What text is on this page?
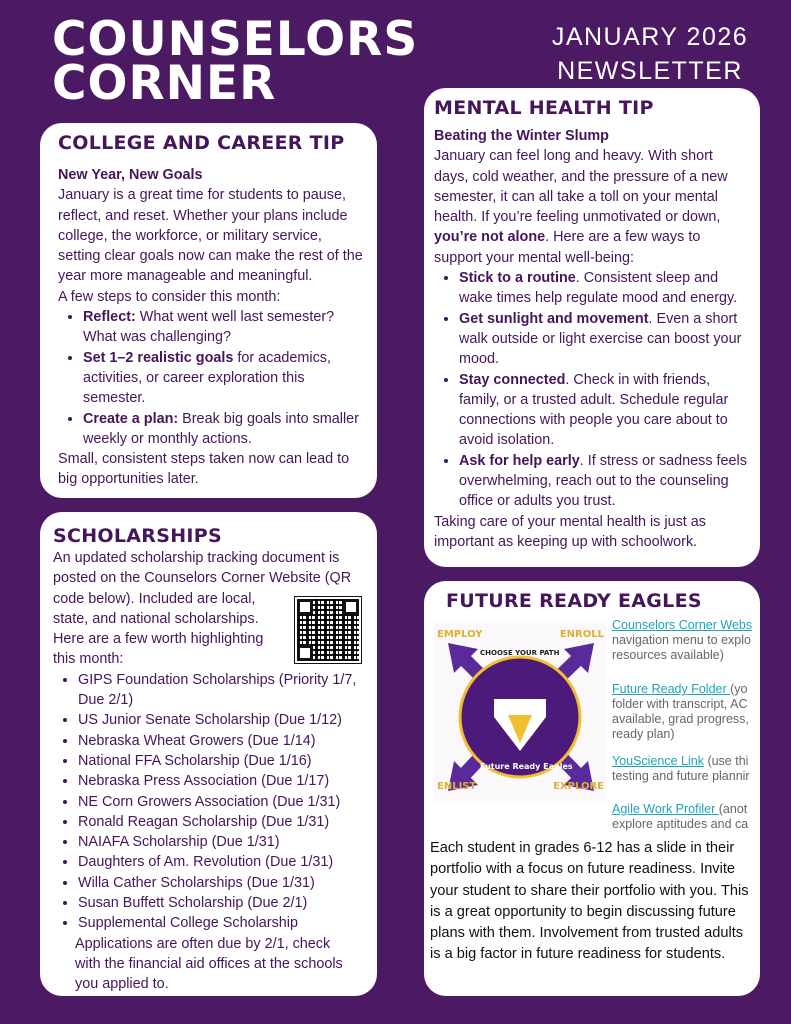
COUNSELORS
CORNER
JANUARY 2026
NEWSLETTER
COLLEGE AND CAREER TIP
New Year, New Goals

January is a great time for students to pause, reflect, and reset. Whether your plans include college, the workforce, or military service, setting clear goals now can make the rest of the year more manageable and meaningful.

A few steps to consider this month:

• Reflect: What went well last semester? What was challenging?
• Set 1–2 realistic goals for academics, activities, or career exploration this semester.
• Create a plan: Break big goals into smaller weekly or monthly actions.

Small, consistent steps taken now can lead to big opportunities later.

MENTAL HEALTH TIP
Beating the Winter Slump

January can feel long and heavy. With short days, cold weather, and the pressure of a new semester, it can all take a toll on your mental health. If you’re feeling unmotivated or down, you’re not alone. Here are a few ways to support your mental well-being:

• Stick to a routine. Consistent sleep and wake times help regulate mood and energy.
• Get sunlight and movement. Even a short walk outside or light exercise can boost your mood.
• Stay connected. Check in with friends, family, or a trusted adult. Schedule regular connections with people you care about to avoid isolation.
• Ask for help early. If stress or sadness feels overwhelming, reach out to the counseling office or adults you trust.

Taking care of your mental health is just as important as keeping up with schoolwork.

SCHOLARSHIPS

An updated scholarship tracking document is posted on the Counselors Corner Website (QR

code below). Included are local, state, and national scholarships. Here are a few worth highlighting this month:

• GIPS Foundation Scholarships (Priority 1/7, Due 2/1)
• US Junior Senate Scholarship (Due 1/12)
• Nebraska Wheat Growers (Due 1/14)
• National FFA Scholarship (Due 1/16)
• Nebraska Press Association (Due 1/17)
• NE Corn Growers Association (Due 1/31)
• Ronald Reagan Scholarship (Due 1/31)
• NAIAFA Scholarship (Due 1/31)
• Daughters of Am. Revolution (Due 1/31)
• Willa Cather Scholarships (Due 1/31)
• Susan Buffett Scholarship (Due 2/1)
• Supplemental College Scholarship

Applications are often due by 2/1, check with the financial aid offices at the schools you applied to.

FUTURE READY EAGLES
EMPLOY	ENROLL
ENLIST	EXPLORE
CHOOSE YOUR PATH
Future Ready Eagles
Counselors Corner Webs
navigation menu to explo resources available)
Future Ready Folder (yo folder with transcript, AC available, grad progress, ready plan)
YouScience Link (use thi testing and future plannir
Agile Work Profiler (anot explore aptitudes and ca

Each student in grades 6-12 has a slide in their portfolio with a focus on future readiness. Invite your student to share their portfolio with you. This is a great opportunity to begin discussing future plans with them. Involvement from trusted adults is a big factor in future readiness for students.
